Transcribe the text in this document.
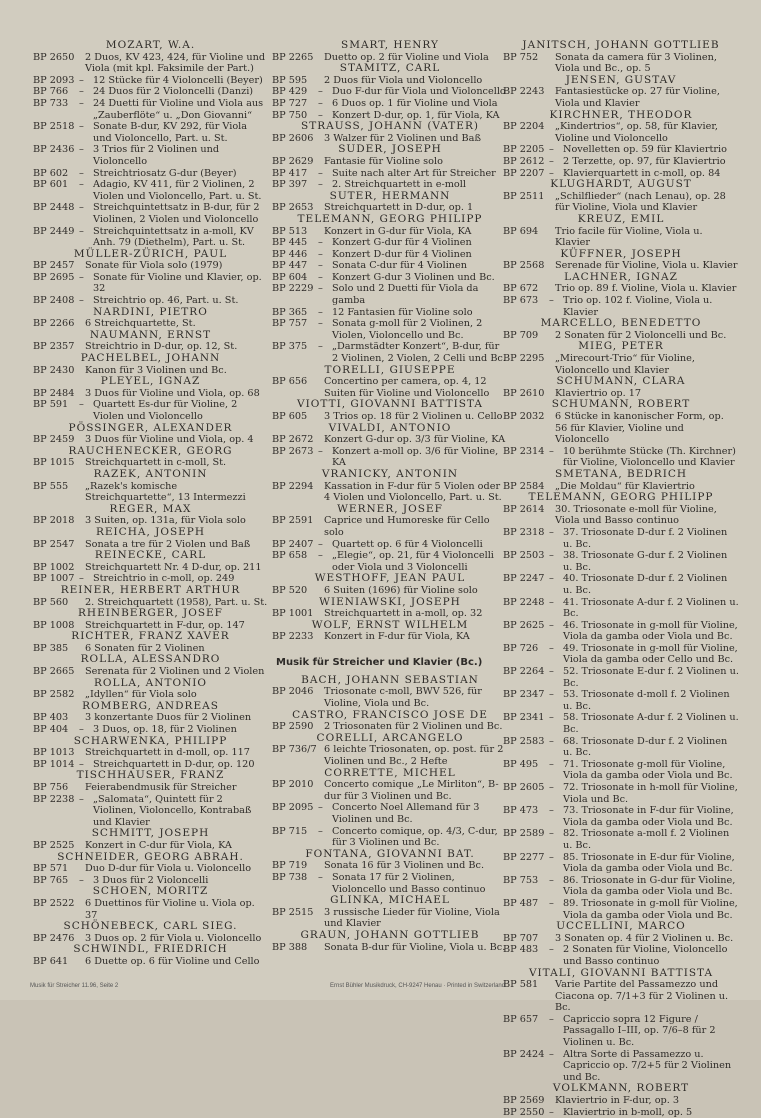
MOZART, W.A.
BP 2650 2 Duos, KV 423, 424, für Violine und Viola (mit kpl. Faksimile der Part.)
BP 2093 – 12 Stücke für 4 Violoncelli (Beyer)
BP 766 – 24 Duos für 2 Violoncelli (Danzi)
BP 733 – 24 Duetti für Violine und Viola aus „Zauberflöte“ u. „Don Giovanni“
BP 2518 – Sonate B-dur, KV 292, für Viola und Violoncello, Part. u. St.
BP 2436 – 3 Trios für 2 Violinen und Violoncello
BP 602 – Streichtriosatz G-dur (Beyer)
BP 601 – Adagio, KV 411, für 2 Violinen, 2 Violen und Violoncello, Part. u. St.
BP 2448 – Streichquintettsatz in B-dur, für 2 Violinen, 2 Violen und Violoncello
BP 2449 – Streichquintettsatz in a-moll, KV Anh. 79 (Diethelm), Part. u. St.
MÜLLER-ZÜRICH, PAUL
BP 2457 Sonate für Viola solo (1979)
BP 2695 – Sonate für Violine und Klavier, op. 32
BP 2408 – Streichtrio op. 46, Part. u. St.
NARDINI, PIETRO
BP 2266 6 Streichquartette, St.
NAUMANN, ERNST
BP 2357 Streichtrio in D-dur, op. 12, St.
PACHELBEL, JOHANN
BP 2430 Kanon für 3 Violinen und Bc.
PLEYEL, IGNAZ
BP 2484 3 Duos für Violine und Viola, op. 68
BP 591 – Quartett Es-dur für Violine, 2 Violen und Violoncello
PÖSSINGER, ALEXANDER
BP 2459 3 Duos für Violine und Viola, op. 4
RAUCHENECKER, GEORG
BP 1015 Streichquartett in c-moll, St.
RAZEK, ANTONIN
BP 555 „Razek's komische Streichquartette“, 13 Intermezzi
REGER, MAX
BP 2018 3 Suiten, op. 131a, für Viola solo
REICHA, JOSEPH
BP 2547 Sonata a tre für 2 Violen und Baß
REINECKE, CARL
BP 1002 Streichquartett Nr. 4 D-dur, op. 211
BP 1007 – Streichtrio in c-moll, op. 249
REINER, HERBERT ARTHUR
BP 560 2. Streichquartett (1958), Part. u. St.
RHEINBERGER, JOSEF
BP 1008 Streichquartett in F-dur, op. 147
RICHTER, FRANZ XAVER
BP 385 6 Sonaten für 2 Violinen
ROLLA, ALESSANDRO
BP 2665 Serenata für 2 Violinen und 2 Violen
ROLLA, ANTONIO
BP 2582 „Idyllen“ für Viola solo
ROMBERG, ANDREAS
BP 403 3 konzertante Duos für 2 Violinen
BP 404 – 3 Duos, op. 18, für 2 Violinen
SCHARWENKA, PHILIPP
BP 1013 Streichquartett in d-moll, op. 117
BP 1014 – Streichquartett in D-dur, op. 120
TISCHHAUSER, FRANZ
BP 756 Feierabendmusik für Streicher
BP 2238 – „Salomata“, Quintett für 2 Violinen, Violoncello, Kontrabaß und Klavier
SCHMITT, JOSEPH
BP 2525 Konzert in C-dur für Viola, KA
SCHNEIDER, GEORG ABRAH.
BP 571 Duo D-dur für Viola u. Violoncello
BP 765 – 3 Duos für 2 Violoncelli
SCHOEN, MORITZ
BP 2522 6 Duettinos für Violine u. Viola op. 37
SCHÖNEBECK, CARL SIEG.
BP 2476 3 Duos op. 2 für Viola u. Violoncello
SCHWINDL, FRIEDRICH
BP 641 6 Duette op. 6 für Violine und Cello
SMART, HENRY
BP 2265 Duetto op. 2 für Violine und Viola
STAMITZ, CARL
BP 595 2 Duos für Viola und Violoncello
BP 429 – Duo F-dur für Viola und Violoncello
BP 727 – 6 Duos op. 1 für Violine und Viola
BP 750 – Konzert D-dur, op. 1, für Viola, KA
STRAUSS, JOHANN (VATER)
BP 2606 3 Walzer für 2 Violinen und Baß
SUDER, JOSEPH
BP 2629 Fantasie für Violine solo
BP 417 – Suite nach alter Art für Streicher
BP 397 – 2. Streichquartett in e-moll
SUTER, HERMANN
BP 2653 Streichquartett in D-dur, op. 1
TELEMANN, GEORG PHILIPP
BP 513 Konzert in G-dur für Viola, KA
BP 445 – Konzert G-dur für 4 Violinen
BP 446 – Konzert D-dur für 4 Violinen
BP 447 – Sonata C-dur für 4 Violinen
BP 604 – Konzert G-dur 3 Violinen und Bc.
BP 2229 – Solo und 2 Duetti für Viola da gamba
BP 365 – 12 Fantasien für Violine solo
BP 757 – Sonata g-moll für 2 Violinen, 2 Violen, Violoncello und Bc.
BP 375 – „Darmstädter Konzert“, B-dur, für 2 Violinen, 2 Violen, 2 Celli und Bc.
TORELLI, GIUSEPPE
BP 656 Concertino per camera, op. 4, 12 Suiten für Violine und Violoncello
VIOTTI, GIOVANNI BATTISTA
BP 605 3 Trios op. 18 für 2 Violinen u. Cello
VIVALDI, ANTONIO
BP 2672 Konzert G-dur op. 3/3 für Violine, KA
BP 2673 – Konzert a-moll op. 3/6 für Violine, KA
VRANICKY, ANTONIN
BP 2294 Kassation in F-dur für 5 Violen oder 4 Violen und Violoncello, Part. u. St.
WERNER, JOSEF
BP 2591 Caprice und Humoreske für Cello solo
BP 2407 – Quartett op. 6 für 4 Violoncelli
BP 658 – „Elegie“, op. 21, für 4 Violoncelli oder Viola und 3 Violoncelli
WESTHOFF, JEAN PAUL
BP 520 6 Suiten (1696) für Violine solo
WIENIAWSKI, JOSEPH
BP 1001 Streichquartett in a-moll, op. 32
WOLF, ERNST WILHELM
BP 2233 Konzert in F-dur für Viola, KA
Musik für Streicher und Klavier (Bc.)
BACH, JOHANN SEBASTIAN
BP 2046 Triosonate c-moll, BWV 526, für Violine, Viola und Bc.
CASTRO, FRANCISCO JOSE DE
BP 2590 2 Triosonaten für 2 Violinen und Bc.
CORELLI, ARCANGELO
BP 736/7 6 leichte Triosonaten, op. post. für 2 Violinen und Bc., 2 Hefte
CORRETTE, MICHEL
BP 2010 Concerto comique „Le Mirliton“, B-dur für 3 Violinen und Bc.
BP 2095 – Concerto Noel Allemand für 3 Violinen und Bc.
BP 715 – Concerto comique, op. 4/3, C-dur, für 3 Violinen und Bc.
FONTANA, GIOVANNI BAT.
BP 719 Sonata 16 für 3 Violinen und Bc.
BP 738 – Sonata 17 für 2 Violinen, Violoncello und Basso continuo
GLINKA, MICHAEL
BP 2515 3 russische Lieder für Violine, Viola und Klavier
GRAUN, JOHANN GOTTLIEB
BP 388 Sonata B-dur für Violine, Viola u. Bc.
JANITSCH, JOHANN GOTTLIEB
BP 752 Sonata da camera für 3 Violinen, Viola und Bc., op. 5
JENSEN, GUSTAV
BP 2243 Fantasiestücke op. 27 für Violine, Viola und Klavier
KIRCHNER, THEODOR
BP 2204 „Kindertrios“, op. 58, für Klavier, Violine und Violoncello
BP 2205 – Novelletten op. 59 für Klaviertrio
BP 2612 – 2 Terzette, op. 97, für Klaviertrio
BP 2207 – Klavierquartett in c-moll, op. 84
KLUGHARDT, AUGUST
BP 2511 „Schilflieder“ (nach Lenau), op. 28 für Violine, Viola und Klavier
KREUZ, EMIL
BP 694 Trio facile für Violine, Viola u. Klavier
KÜFFNER, JOSEPH
BP 2568 Serenade für Violine, Viola u. Klavier
LACHNER, IGNAZ
BP 672 Trio op. 89 f. Violine, Viola u. Klavier
BP 673 – Trio op. 102 f. Violine, Viola u. Klavier
MARCELLO, BENEDETTO
BP 709 2 Sonaten für 2 Violoncelli und Bc.
MIEG, PETER
BP 2295 „Mirecourt-Trio“ für Violine, Violoncello und Klavier
SCHUMANN, CLARA
BP 2610 Klaviertrio op. 17
SCHUMANN, ROBERT
BP 2032 6 Stücke in kanonischer Form, op. 56 für Klavier, Violine und Violoncello
BP 2314 – 10 berühmte Stücke (Th. Kirchner) für Violine, Violoncello und Klavier
SMETANA, BEDRICH
BP 2584 „Die Moldau“ für Klaviertrio
TELEMANN, GEORG PHILIPP
BP 2614 30. Triosonate e-moll für Violine, Viola und Basso continuo
BP 2318 – 37. Triosonate D-dur f. 2 Violinen u. Bc.
BP 2503 – 38. Triosonate G-dur f. 2 Violinen u. Bc.
BP 2247 – 40. Triosonate D-dur f. 2 Violinen u. Bc.
BP 2248 – 41. Triosonate A-dur f. 2 Violinen u. Bc.
BP 2625 – 46. Triosonate in g-moll für Violine, Viola da gamba oder Viola und Bc.
BP 726 – 49. Triosonate in g-moll für Violine, Viola da gamba oder Cello und Bc.
BP 2264 – 52. Triosonate E-dur f. 2 Violinen u. Bc.
BP 2347 – 53. Triosonate d-moll f. 2 Violinen u. Bc.
BP 2341 – 58. Triosonate A-dur f. 2 Violinen u. Bc.
BP 2583 – 68. Triosonate D-dur f. 2 Violinen u. Bc.
BP 495 – 71. Triosonate g-moll für Violine, Viola da gamba oder Viola und Bc.
BP 2605 – 72. Triosonate in h-moll für Violine, Viola und Bc.
BP 473 – 73. Triosonate in F-dur für Violine, Viola da gamba oder Viola und Bc.
BP 2589 – 82. Triosonate a-moll f. 2 Violinen u. Bc.
BP 2277 – 85. Triosonate in E-dur für Violine, Viola da gamba oder Viola und Bc.
BP 753 – 86. Triosonate in G-dur für Violine, Viola da gamba oder Viola und Bc.
BP 487 – 89. Triosonate in g-moll für Violine, Viola da gamba oder Viola und Bc.
UCCELLINI, MARCO
BP 707 3 Sonaten op. 4 für 2 Violinen u. Bc.
BP 483 – 2 Sonaten für Violine, Violoncello und Basso continuo
VITALI, GIOVANNI BATTISTA
BP 581 Varie Partite del Passamezzo und Ciacona op. 7/1+3 für 2 Violinen u. Bc.
BP 657 – Capriccio sopra 12 Figure / Passagallo I–III, op. 7/6–8 für 2 Violinen u. Bc.
BP 2424 – Altra Sorte di Passamezzo u. Capriccio op. 7/2+5 für 2 Violinen und Bc.
VOLKMANN, ROBERT
BP 2569 Klaviertrio in F-dur, op. 3
BP 2550 – Klaviertrio in b-moll, op. 5
Musik für Streicher 11.96, Seite 2	Ernst Bühler Musikdruck, CH-9247 Henau · Printed in Switzerland
